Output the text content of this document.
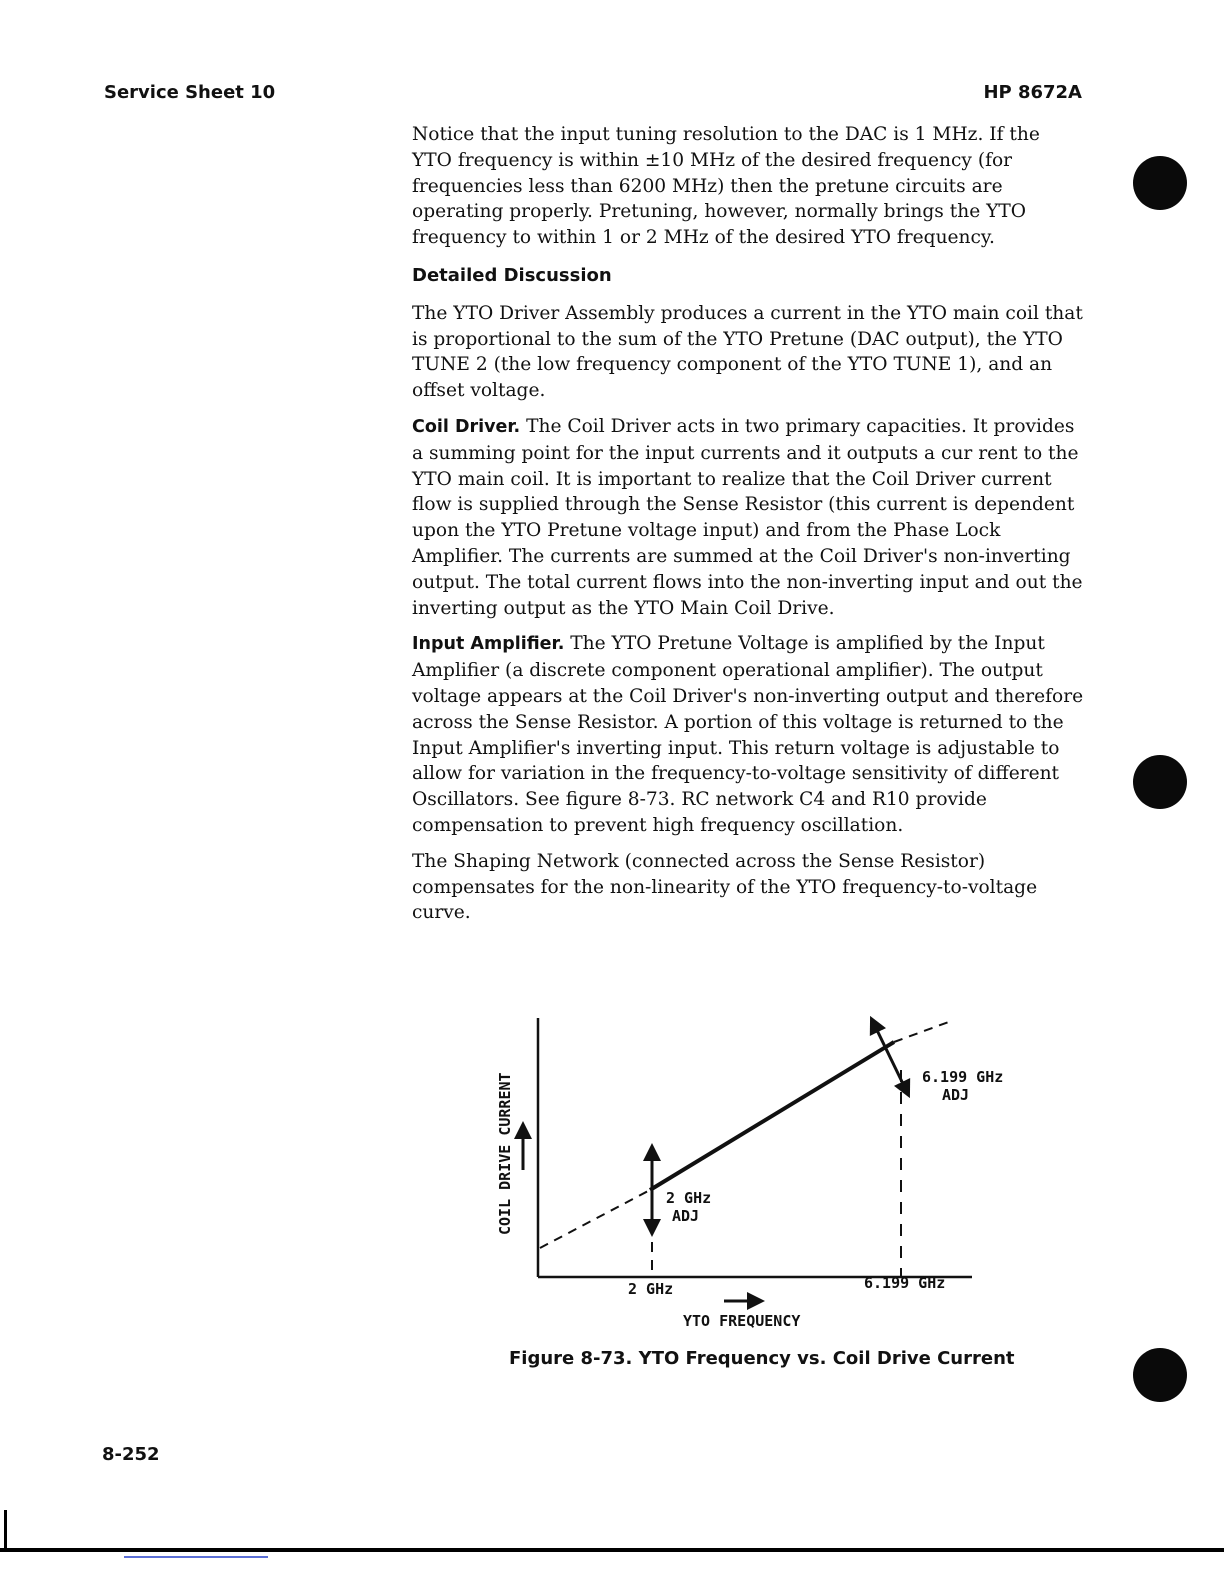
Service Sheet 10	HP 8672A

Notice that the input tuning resolution to the DAC is 1 MHz. If the YTO frequency is within ±10 MHz of the desired frequency (for frequencies less than 6200 MHz) then the pretune circuits are operating properly. Pretuning, however, normally brings the YTO frequency to within 1 or 2 MHz of the desired YTO frequency.

Detailed Discussion

The YTO Driver Assembly produces a current in the YTO main coil that is proportional to the sum of the YTO Pretune (DAC output), the YTO TUNE 2 (the low frequency component of the YTO TUNE 1), and an offset voltage.

Coil Driver. The Coil Driver acts in two primary capacities. It provides a summing point for the input currents and it outputs a cur rent to the YTO main coil. It is important to realize that the Coil Driver current flow is supplied through the Sense Resistor (this current is dependent upon the YTO Pretune voltage input) and from the Phase Lock Amplifier. The currents are summed at the Coil Driver's non-inverting output. The total current flows into the non-inverting input and out the inverting output as the YTO Main Coil Drive.

Input Amplifier. The YTO Pretune Voltage is amplified by the Input Amplifier (a discrete component operational amplifier). The output voltage appears at the Coil Driver's non-inverting output and therefore across the Sense Resistor. A portion of this voltage is returned to the Input Amplifier's inverting input. This return voltage is adjustable to allow for variation in the frequency-to-voltage sensitivity of different Oscillators. See figure 8-73. RC network C4 and R10 provide compensation to prevent high frequency oscillation.

The Shaping Network (connected across the Sense Resistor) compensates for the non-linearity of the YTO frequency-to-voltage curve.

COIL DRIVE CURRENT	2 GHz
ADJ
6.199 GHz
ADJ
2 GHz	6.199 GHz
YTO FREQUENCY
Figure 8-73. YTO Frequency vs. Coil Drive Current
8-252
